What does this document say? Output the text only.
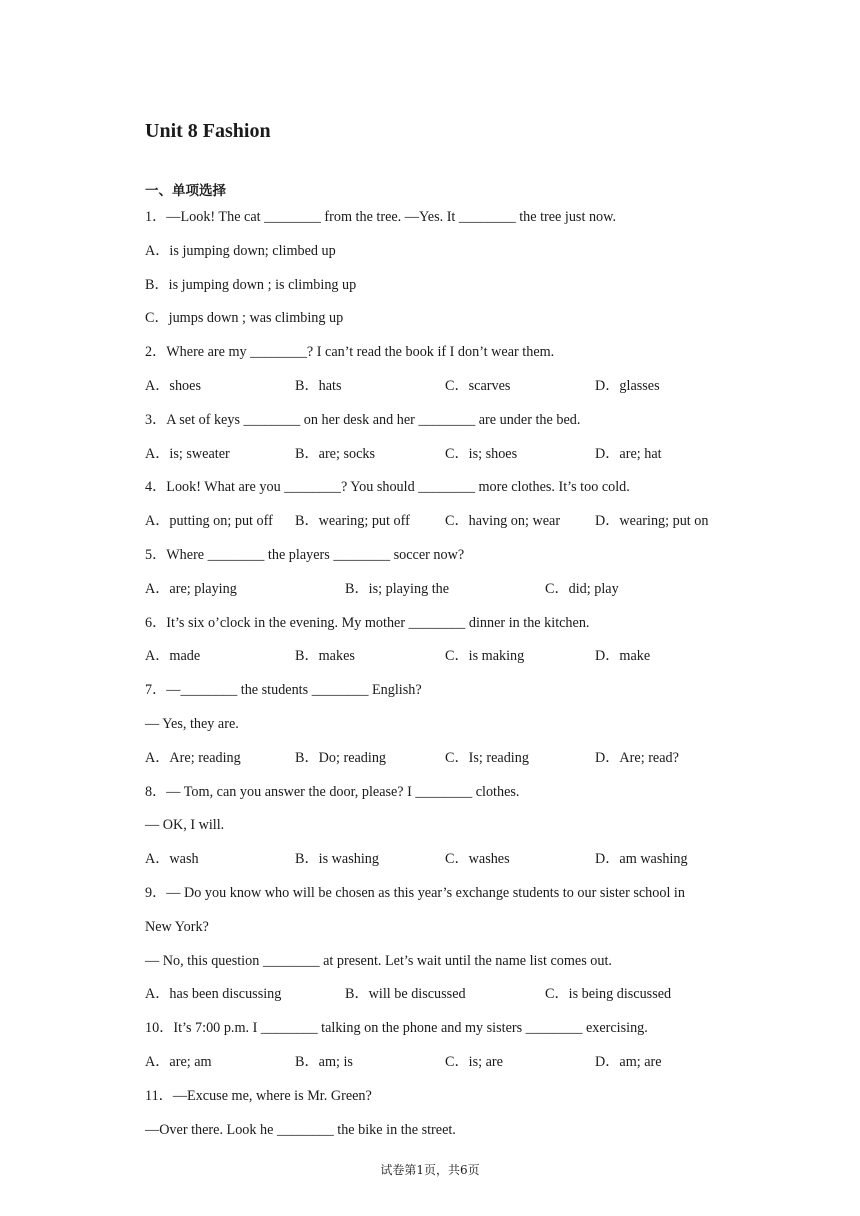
Unit 8 Fashion
一、单项选择
1．—Look! The cat ________ from the tree. —Yes. It ________ the tree just now.
A．is jumping down; climbed up
B．is jumping down ; is climbing up
C．jumps down ; was climbing up
2．Where are my ________? I can’t read the book if I don’t wear them.
A．shoes	B．hats	C．scarves	D．glasses
3．A set of keys ________ on her desk and her ________ are under the bed.
A．is; sweater	B．are; socks	C．is; shoes	D．are; hat
4．Look! What are you ________? You should ________ more clothes. It’s too cold.
A．putting on; put off B．wearing; put off C．having on; wear D．wearing; put on
5．Where ________ the players ________ soccer now?
A．are; playing	B．is; playing the	C．did; play
6．It’s six o’clock in the evening. My mother ________ dinner in the kitchen.
A．made	B．makes	C．is making	D．make
7．—________ the students ________ English?
— Yes, they are.
A．Are; reading	B．Do; reading	C．Is; reading	D．Are; read?
8．— Tom, can you answer the door, please? I ________ clothes.
— OK, I will.
A．wash	B．is washing	C．washes	D．am washing
9．— Do you know who will be chosen as this year’s exchange students to our sister school in
New York?
— No, this question ________ at present. Let’s wait until the name list comes out.
A．has been discussing	B．will be discussed	C．is being discussed
10．It’s 7:00 p.m. I ________ talking on the phone and my sisters ________ exercising.
A．are; am	B．am; is	C．is; are	D．am; are
11．—Excuse me, where is Mr. Green?
—Over there. Look he ________ the bike in the street.
试卷第1页，共6页
